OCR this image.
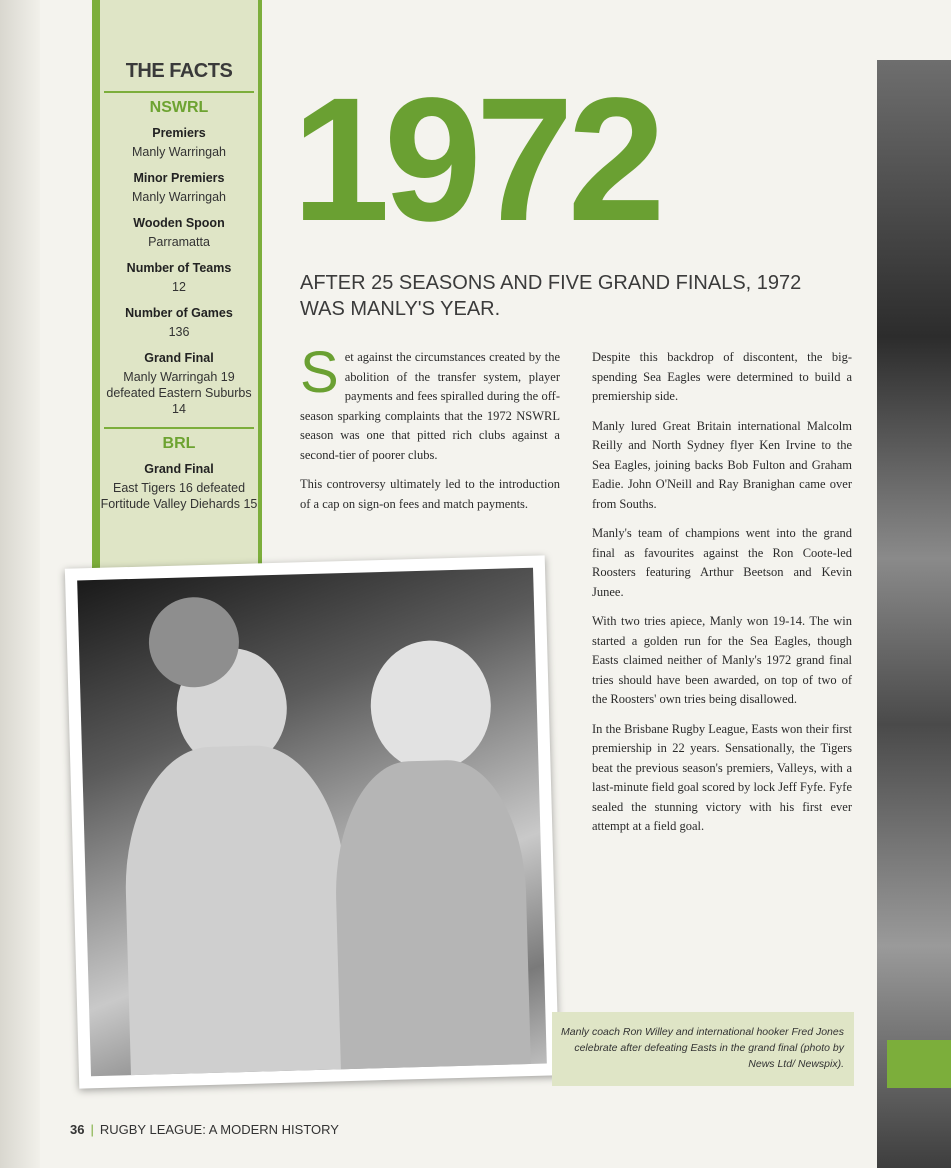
THE FACTS
NSWRL
Premiers
Manly Warringah
Minor Premiers
Manly Warringah
Wooden Spoon
Parramatta
Number of Teams
12
Number of Games
136
Grand Final
Manly Warringah 19 defeated Eastern Suburbs 14
BRL
Grand Final
East Tigers 16 defeated Fortitude Valley Diehards 15
1972
AFTER 25 SEASONS AND FIVE GRAND FINALS, 1972 WAS MANLY'S YEAR.

Set against the circumstances created by the abolition of the transfer system, player payments and fees spiralled during the off-season sparking complaints that the 1972 NSWRL season was one that pitted rich clubs against a second-tier of poorer clubs.

This controversy ultimately led to the introduction of a cap on sign-on fees and match payments.

Despite this backdrop of discontent, the big-spending Sea Eagles were determined to build a premiership side.

Manly lured Great Britain international Malcolm Reilly and North Sydney flyer Ken Irvine to the Sea Eagles, joining backs Bob Fulton and Graham Eadie. John O'Neill and Ray Branighan came over from Souths.

Manly's team of champions went into the grand final as favourites against the Ron Coote-led Roosters featuring Arthur Beetson and Kevin Junee.

With two tries apiece, Manly won 19-14. The win started a golden run for the Sea Eagles, though Easts claimed neither of Manly's 1972 grand final tries should have been awarded, on top of two of the Roosters' own tries being disallowed.

In the Brisbane Rugby League, Easts won their first premiership in 22 years. Sensationally, the Tigers beat the previous season's premiers, Valleys, with a last-minute field goal scored by lock Jeff Fyfe. Fyfe sealed the stunning victory with his first ever attempt at a field goal.

Manly coach Ron Willey and international hooker Fred Jones celebrate after defeating Easts in the grand final (photo by News Ltd/ Newspix).
36 | RUGBY LEAGUE: A MODERN HISTORY
